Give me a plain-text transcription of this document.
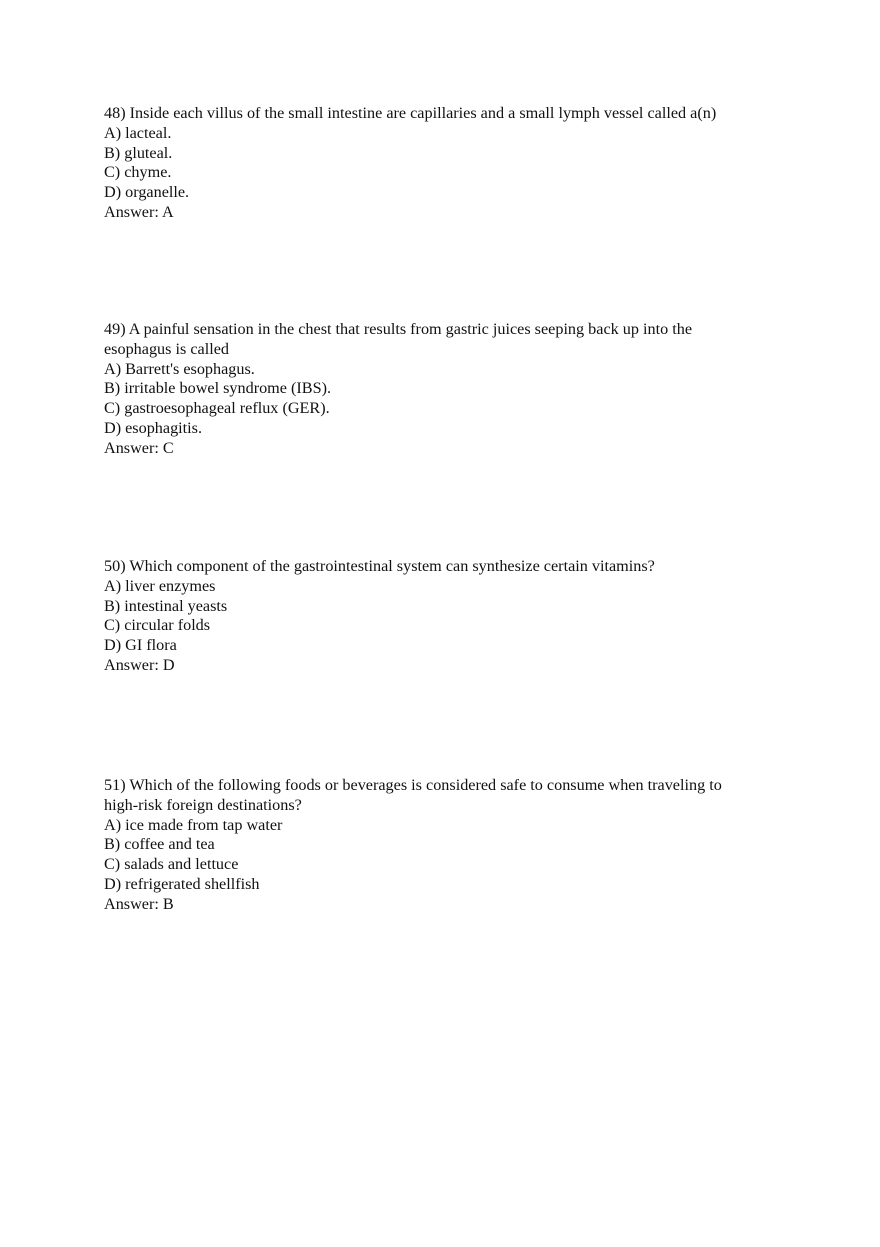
48) Inside each villus of the small intestine are capillaries and a small lymph vessel called a(n)
A) lacteal.
B) gluteal.
C) chyme.
D) organelle.
Answer: A
49) A painful sensation in the chest that results from gastric juices seeping back up into the
esophagus is called
A) Barrett's esophagus.
B) irritable bowel syndrome (IBS).
C) gastroesophageal reflux (GER).
D) esophagitis.
Answer: C
50) Which component of the gastrointestinal system can synthesize certain vitamins?
A) liver enzymes
B) intestinal yeasts
C) circular folds
D) GI flora
Answer: D
51) Which of the following foods or beverages is considered safe to consume when traveling to
high-risk foreign destinations?
A) ice made from tap water
B) coffee and tea
C) salads and lettuce
D) refrigerated shellfish
Answer: B
